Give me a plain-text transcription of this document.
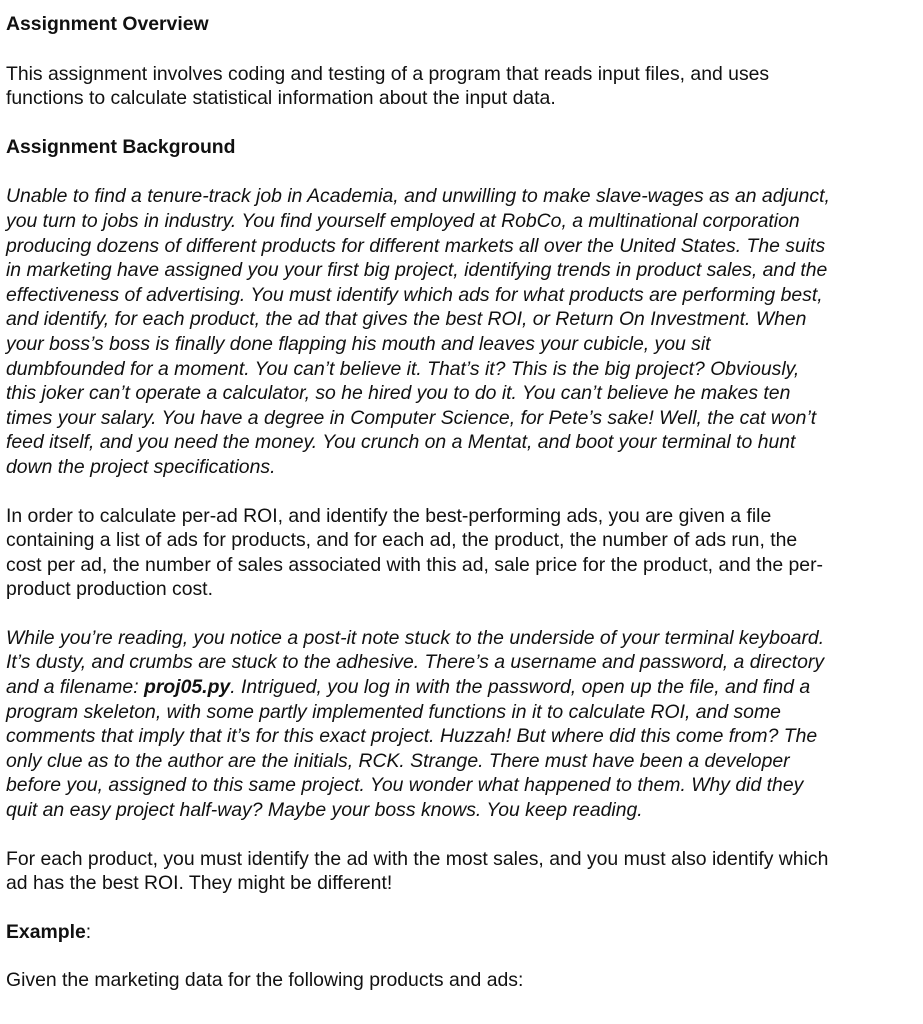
Assignment Overview
This assignment involves coding and testing of a program that reads input files, and uses
functions to calculate statistical information about the input data.
Assignment Background
Unable to find a tenure-track job in Academia, and unwilling to make slave-wages as an adjunct,
you turn to jobs in industry. You find yourself employed at RobCo, a multinational corporation
producing dozens of different products for different markets all over the United States. The suits
in marketing have assigned you your first big project, identifying trends in product sales, and the
effectiveness of advertising. You must identify which ads for what products are performing best,
and identify, for each product, the ad that gives the best ROI, or Return On Investment. When
your boss’s boss is finally done flapping his mouth and leaves your cubicle, you sit
dumbfounded for a moment. You can’t believe it. That’s it? This is the big project? Obviously,
this joker can’t operate a calculator, so he hired you to do it. You can’t believe he makes ten
times your salary. You have a degree in Computer Science, for Pete’s sake! Well, the cat won’t
feed itself, and you need the money. You crunch on a Mentat, and boot your terminal to hunt
down the project specifications.
In order to calculate per-ad ROI, and identify the best-performing ads, you are given a file
containing a list of ads for products, and for each ad, the product, the number of ads run, the
cost per ad, the number of sales associated with this ad, sale price for the product, and the per-
product production cost.
While you’re reading, you notice a post-it note stuck to the underside of your terminal keyboard.
It’s dusty, and crumbs are stuck to the adhesive. There’s a username and password, a directory
and a filename: proj05.py. Intrigued, you log in with the password, open up the file, and find a
program skeleton, with some partly implemented functions in it to calculate ROI, and some
comments that imply that it’s for this exact project. Huzzah! But where did this come from? The
only clue as to the author are the initials, RCK. Strange. There must have been a developer
before you, assigned to this same project. You wonder what happened to them. Why did they
quit an easy project half-way? Maybe your boss knows. You keep reading.
For each product, you must identify the ad with the most sales, and you must also identify which
ad has the best ROI. They might be different!
Example:
Given the marketing data for the following products and ads:
